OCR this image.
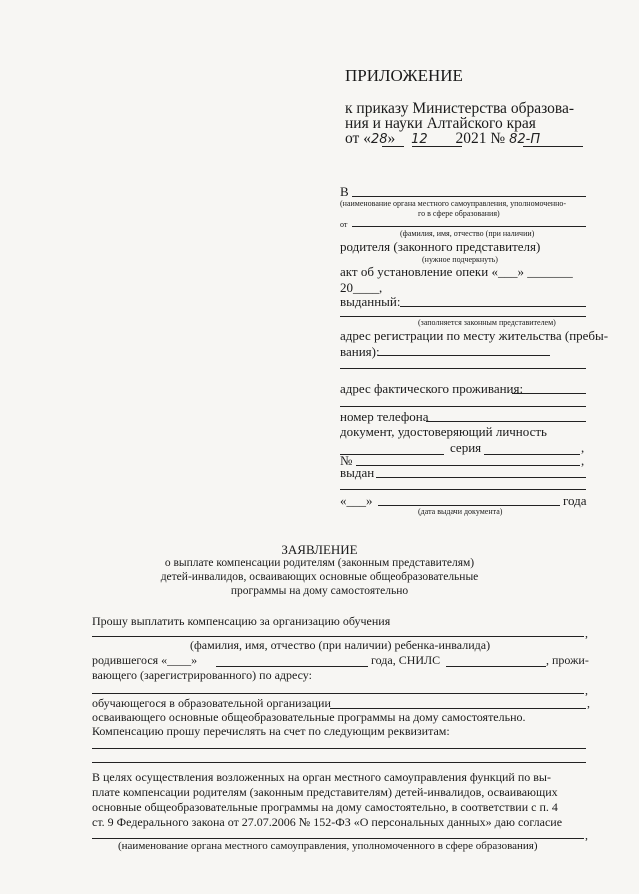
ПРИЛОЖЕНИЕ
к приказу Министерства образова-
ния и науки Алтайского края
от «28» 12 2021 № 82-П
В
(наименование органа местного самоуправления, уполномоченно-
го в сфере образования)
от
(фамилия, имя, отчество (при наличии)
родителя (законного представителя)
(нужное подчеркнуть)
акт об установление опеки «___» _______
20____,
выданный:
(заполняется законным представителем)
адрес регистрации по месту жительства (пребы-
вания):
адрес фактического проживания:
номер телефона
документ, удостоверяющий личность
серия	,
№	,
выдан
«___»	года
(дата выдачи документа)
ЗАЯВЛЕНИЕ
о выплате компенсации родителям (законным представителям)
детей-инвалидов, осваивающих основные общеобразовательные
программы на дому самостоятельно
Прошу выплатить компенсацию за организацию обучения
,
(фамилия, имя, отчество (при наличии) ребенка-инвалида)
родившегося «____»	года, СНИЛС	, прожи-
вающего (зарегистрированного) по адресу:
,
обучающегося в образовательной организации	,
осваивающего основные общеобразовательные программы на дому самостоятельно.
Компенсацию прошу перечислять на счет по следующим реквизитам:
В целях осуществления возложенных на орган местного самоуправления функций по вы-
плате компенсации родителям (законным представителям) детей-инвалидов, осваивающих
основные общеобразовательные программы на дому самостоятельно, в соответствии с п. 4
ст. 9 Федерального закона от 27.07.2006 № 152-ФЗ «О персональных данных» даю согласие
,
(наименование органа местного самоуправления, уполномоченного в сфере образования)
